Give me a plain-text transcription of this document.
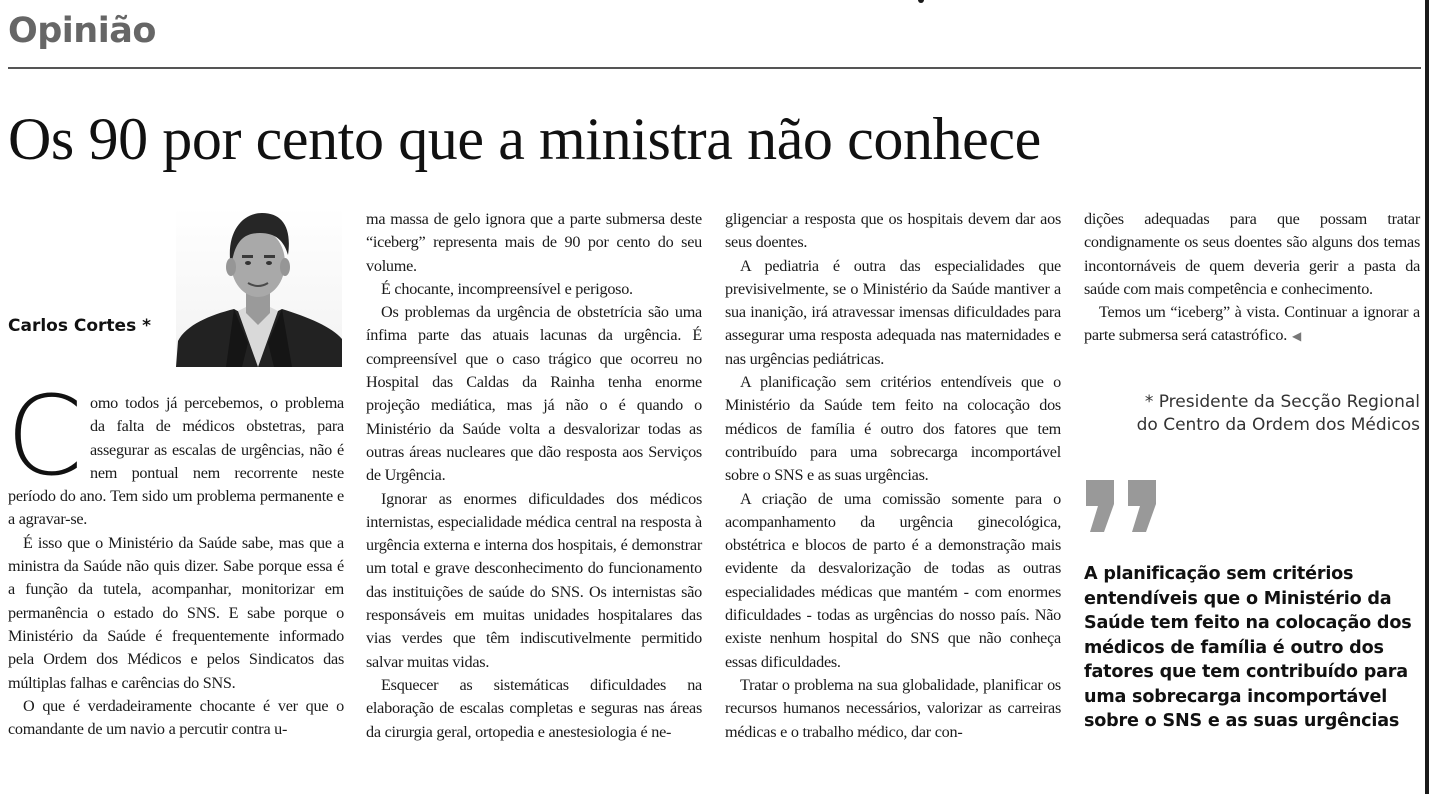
Opinião
Os 90 por cento que a ministra não conhece
Carlos Cortes *

Como todos já percebemos, o problema da falta de médicos obstetras, para assegurar as escalas de urgências, não é nem pontual nem recorrente neste período do ano. Tem sido um problema permanente e a agravar-se.

É isso que o Ministério da Saúde sabe, mas que a ministra da Saúde não quis dizer. Sabe porque essa é a função da tutela, acompanhar, monitorizar em permanência o estado do SNS. E sabe porque o Ministério da Saúde é frequentemente informado pela Ordem dos Médicos e pelos Sindicatos das múltiplas falhas e carências do SNS.

O que é verdadeiramente chocante é ver que o comandante de um navio a percutir contra u-

ma massa de gelo ignora que a parte submersa deste “iceberg” representa mais de 90 por cento do seu volume.

É chocante, incompreensível e perigoso.

Os problemas da urgência de obstetrícia são uma ínfima parte das atuais lacunas da urgência. É compreensível que o caso trágico que ocorreu no Hospital das Caldas da Rainha tenha enorme projeção mediática, mas já não o é quando o Ministério da Saúde volta a desvalorizar todas as outras áreas nucleares que dão resposta aos Serviços de Urgência.

Ignorar as enormes dificuldades dos médicos internistas, especialidade médica central na resposta à urgência externa e interna dos hospitais, é demonstrar um total e grave desconhecimento do funcionamento das instituições de saúde do SNS. Os internistas são responsáveis em muitas unidades hospitalares das vias verdes que têm indiscutivelmente permitido salvar muitas vidas.

Esquecer as sistemáticas dificuldades na elaboração de escalas completas e seguras nas áreas da cirurgia geral, ortopedia e anestesiologia é ne-

gligenciar a resposta que os hospitais devem dar aos seus doentes.

A pediatria é outra das especialidades que previsivelmente, se o Ministério da Saúde mantiver a sua inanição, irá atravessar imensas dificuldades para assegurar uma resposta adequada nas maternidades e nas urgências pediátricas.

A planificação sem critérios entendíveis que o Ministério da Saúde tem feito na colocação dos médicos de família é outro dos fatores que tem contribuído para uma sobrecarga incomportável sobre o SNS e as suas urgências.

A criação de uma comissão somente para o acompanhamento da urgência ginecológica, obstétrica e blocos de parto é a demonstração mais evidente da desvalorização de todas as outras especialidades médicas que mantém - com enormes dificuldades - todas as urgências do nosso país. Não existe nenhum hospital do SNS que não conheça essas dificuldades.

Tratar o problema na sua globalidade, planificar os recursos humanos necessários, valorizar as carreiras médicas e o trabalho médico, dar con-

dições adequadas para que possam tratar condignamente os seus doentes são alguns dos temas incontornáveis de quem deveria gerir a pasta da saúde com mais competência e conhecimento.

Temos um “iceberg” à vista. Continuar a ignorar a parte submersa será catastrófico. ◀

* Presidente da Secção Regional
do Centro da Ordem dos Médicos

A planificação sem critérios entendíveis que o Ministério da Saúde tem feito na colocação dos médicos de família é outro dos fatores que tem contribuído para uma sobrecarga incomportável sobre o SNS e as suas urgências
